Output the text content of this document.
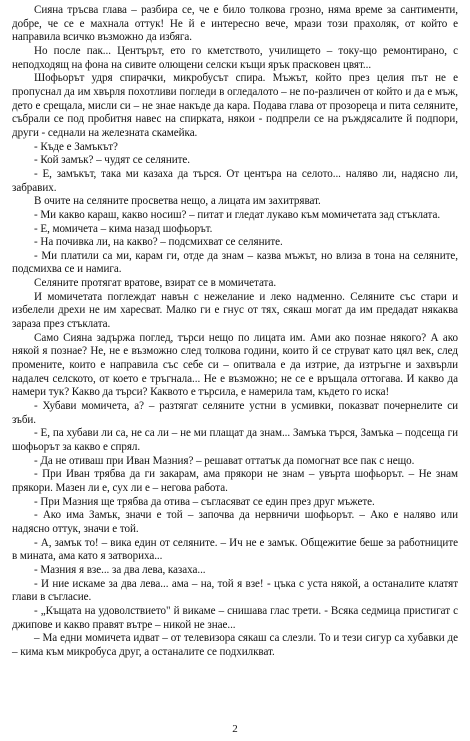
Сияна тръсва глава – разбира се, че е било толкова грозно, няма време за сантименти, добре, че се е махнала оттук! Не й е интересно вече, мрази този прахоляк, от който е направила всичко възможно да избяга.

Но после пак... Центърът, ето го кметството, училището – току-що ремонтирано, с неподходящ на фона на сивите олющени селски къщи ярък праскoвен цвят...

Шофьорът удря спирачки, микробусът спира. Мъжът, който през целия път не е пропуснал да им хвърля похотливи погледи в огледалото – не по-различен от който и да е мъж, дето е срещала, мисли си – не знае накъде да кара. Подава глава от прозореца и пита селяните, събрали се под пробитня навес на спирката, някои - подпрели се на ръждясалите й подпори, други - седнали на железната скамейка.

- Къде е Замъкът?

- Кой замък? – чудят се селяните.

- Е, замъкът, така ми казаха да търся. От центъра на селото... наляво ли, надясно ли, забравих.

В очите на селяните просветва нещо, а лицата им захитряват.

- Ми какво караш, какво носиш? – питат и гледат лукаво към момичетата зад стъклата.

- Е, момичета – кима назад шофьорът.

- На почивка ли, на какво? – подсмихват се селяните.

- Ми платили са ми, карам ги, отде да знам – казва мъжът, но влиза в тона на селяните, подсмихва се и намига.

Селяните протягат вратове, взират се в момичетата.

И момичетата поглеждат навън с нежелание и леко надменно. Селяните със стари и избелели дрехи не им харесват. Малко ги е гнус от тях, сякаш могат да им предадат някаква зараза през стъклата.

Само Сияна задържа поглед, търси нещо по лицата им. Ами ако познае някого? А ако някой я познае? Не, не е възможно след толкова години, които й се струват като цял век, след промените, които е направила със себе си – опитвала е да изтрие, да изтръгне и захвърли надалеч селското, от което е тръгнала... Не е възможно; не се е връщала оттогава. И какво да намери тук? Какво да търси? Каквото е търсила, е намерила там, където го иска!

- Хубави момичета, а? – разтягат селяните устни в усмивки, показват почернелите си зъби.

- Е, па хубави ли са, не са ли – не ми плащат да знам... Замъка търся, Замъка – подсеща ги шофьорът за какво е спрял.

- Да не отиваш при Иван Мазния? – решават оттатък да помогнат все пак с нещо.

- При Иван трябва да ги закарам, ама прякори не знам – увърта шофьорът. – Не знам прякори. Мазен ли е, сух ли е – негова работа.

- При Мазния ще трябва да отива – съгласяват се един през друг мъжете.

- Ако има Замък, значи е той – започва да нервничи шофьорът. – Ако е наляво или надясно оттук, значи е той.

- А, замък то! – вика един от селяните. – Ич не е замък. Общежитие беше за работниците в мината, ама като я затвориха...

- Мазния я взе... за два лева, казаха...

- И ние искаме за два лева... ама – на, той я взе! - цъка с уста някой, а останалите клатят глави в съгласие.

- „Къщата на удоволствието" й викаме – снишава глас трети. - Всяка седмица пристигат с джипове и какво правят вътре – никой не знае...

– Ма едни момичета идват – от телевизора сякаш са слезли. То и тези сигур са хубавки де – кима към микробуса друг, а останалите се подхилкват.

2
